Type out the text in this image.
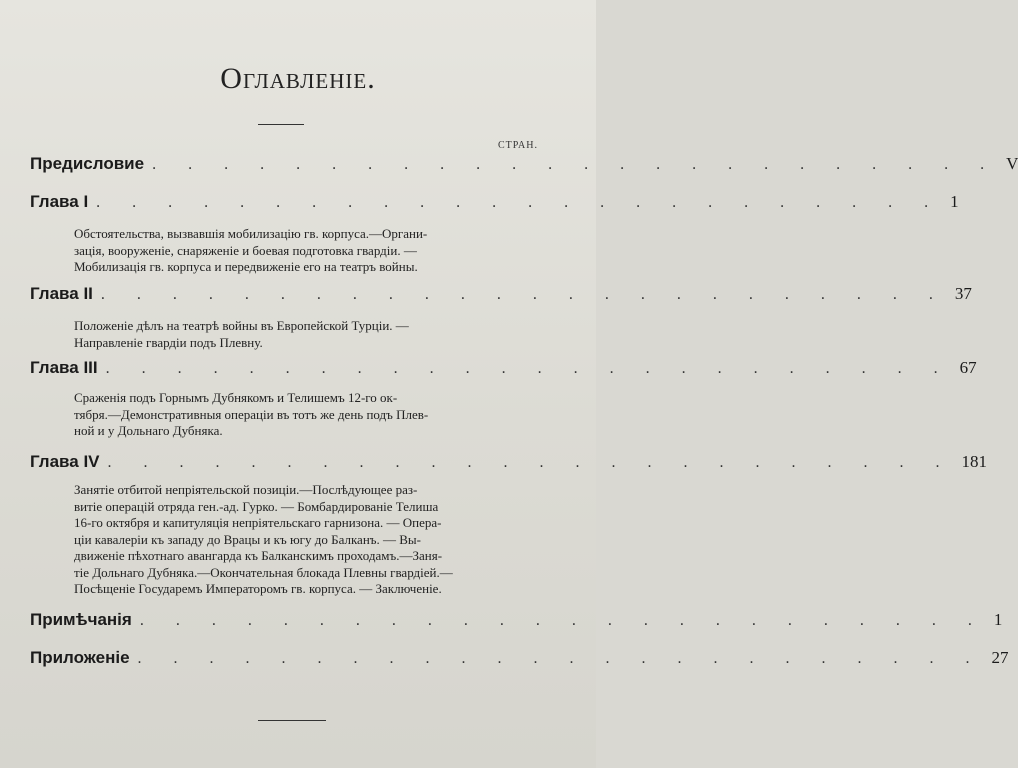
Оглавленіе.
СТРАН.
Предисловие . . . . . . . . . . . . . . . . . . . . . . . . V
Глава I . . . . . . . . . . . . . . . . . . . . . . . . 1
Обстоятельства, вызвавшія мобилизацію гв. корпуса.—Органи-
зація, вооруженіе, снаряженіе и боевая подготовка гвардіи. —
Мобилизація гв. корпуса и передвиженіе его на театръ войны.
Глава II . . . . . . . . . . . . . . . . . . . . . . . . 37
Положеніе дѣлъ на театрѣ войны въ Европейской Турціи. —
Направленіе гвардіи подъ Плевну.
Глава III . . . . . . . . . . . . . . . . . . . . . . . . 67
Сраженія подъ Горнымъ Дубнякомъ и Телишемъ 12-го ок-
тября.—Демонстративныя операціи въ тотъ же день подъ Плев-
ной и у Дольнаго Дубняка.
Глава IV . . . . . . . . . . . . . . . . . . . . . . . . 181
Занятіе отбитой непріятельской позиціи.—Послѣдующее раз-
витіе операцій отряда ген.-ад. Гурко. — Бомбардированіе Телиша
16-го октября и капитуляція непріятельскаго гарнизона. — Опера-
ціи кавалеріи къ западу до Врацы и къ югу до Балканъ. — Вы-
движеніе пѣхотнаго авангарда къ Балканскимъ проходамъ.—Заня-
тіе Дольнаго Дубняка.—Окончательная блокада Плевны гвардіей.—
Посѣщеніе Государемъ Императоромъ гв. корпуса. — Заключеніе.
Примѣчанія . . . . . . . . . . . . . . . . . . . . . . . . 1
Приложеніе . . . . . . . . . . . . . . . . . . . . . . . . 27
